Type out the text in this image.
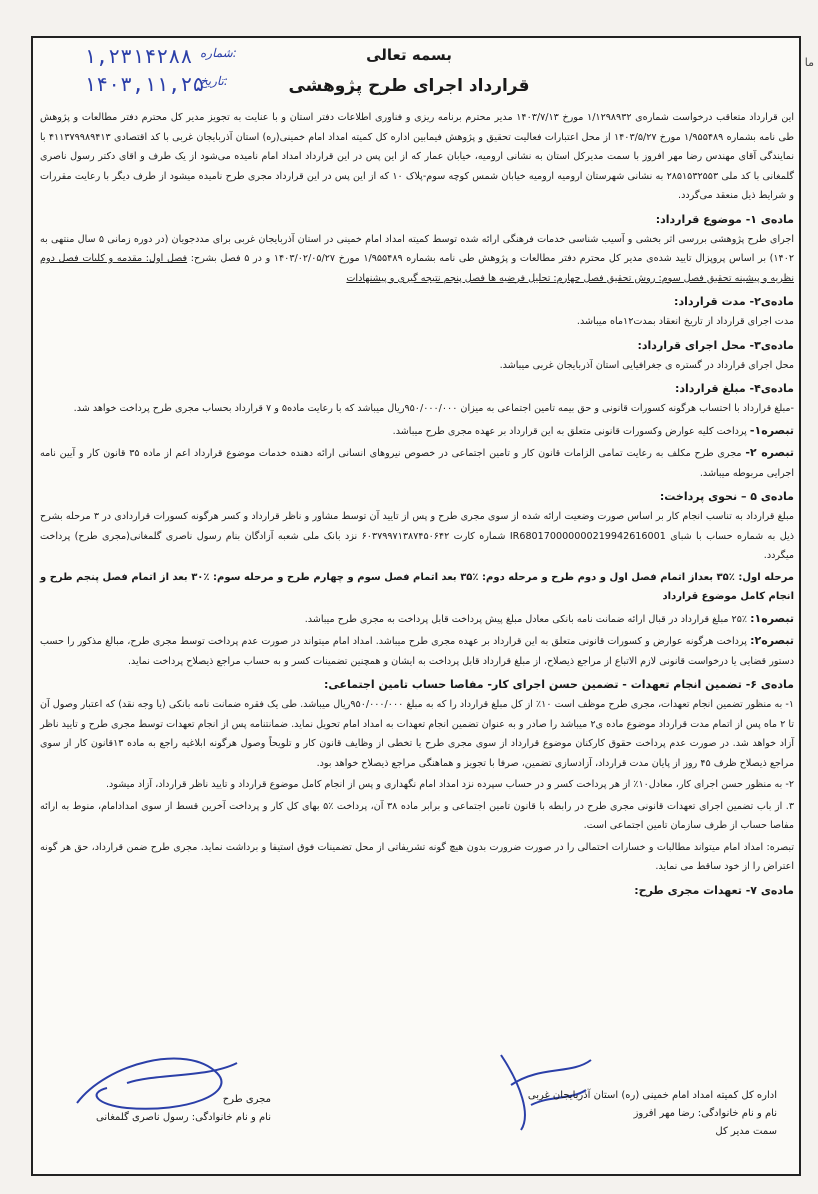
ما
۱,۲۳۱۴۲۸۸ شماره:
۱۴۰۳,۱۱,۲۵
تاریخ:
بسمه تعالی
قرارداد اجرای طرح پژوهشی

این قرارداد متعاقب درخواست شماره‌ی ۱/۱۲۹۸۹۳۲ مورخ ۱۴۰۳/۷/۱۳ مدیر محترم برنامه ریزی و فناوری اطلاعات دفتر استان و با عنایت به تجویز مدیر کل محترم دفتر مطالعات و پژوهش طی نامه بشماره ۱/۹۵۵۴۸۹ مورخ ۱۴۰۳/۵/۲۷ از محل اعتبارات فعالیت تحقیق و پژوهش فیمابین اداره کل کمیته امداد امام خمینی(ره) استان آذربایجان غربی با کد اقتصادی ۴۱۱۳۷۹۹۸۹۴۱۳ با نمایندگی آقای مهندس رضا مهر افروز با سمت مدیرکل استان به نشانی ارومیه، خیابان عمار که از این پس در این قرارداد امداد امام نامیده می‌شود از یک طرف و اقای دکتر رسول ناصری گلمغانی با کد ملی ۲۸۵۱۵۳۲۵۵۳ به نشانی شهرستان ارومیه ارومیه خیابان شمس کوچه سوم-پلاک ۱۰ که از این پس در این قرارداد مجری طرح نامیده میشود از طرف دیگر با رعایت مقررات و شرایط ذیل منعقد می‌گردد.

ماده‌ی ۱- موضوع قرارداد:

اجرای طرح پژوهشی بررسی اثر بخشی و آسیب شناسی خدمات فرهنگی ارائه شده توسط کمیته امداد امام خمینی در استان آذربایجان غربی برای مددجویان (در دوره زمانی ۵ سال منتهی به ۱۴۰۲) بر اساس پروپزال تایید شده‌ی مدیر کل محترم دفتر مطالعات و پژوهش طی نامه بشماره ۱/۹۵۵۴۸۹ مورخ ۱۴۰۳/۰۲/۰۵/۲۷ و در ۵ فصل بشرح: فصل اول: مقدمه و کلیات فصل دوم نظریه و پیشینه تحقیق فصل سوم: روش تحقیق فصل چهارم: تحلیل فرضیه ها فصل پنجم نتیجه گیری و پیشنهادات

ماده‌ی۲- مدت قرارداد:

مدت اجرای قرارداد از تاریخ انعقاد بمدت۱۲ماه میباشد.

ماده‌ی۳- محل اجرای قرارداد:

محل اجرای قرارداد در گستره ی جغرافیایی استان آذربایجان غربی میباشد.

ماده‌ی۴- مبلغ قرارداد:

-مبلغ قرارداد با احتساب هرگونه کسورات قانونی و حق بیمه تامین اجتماعی به میزان ۹۵۰/۰۰۰/۰۰۰ریال میباشد که با رعایت ماده۵ و ۷ قرارداد بحساب مجری طرح پرداخت خواهد شد.

تبصره۱- پرداخت کلیه عوارض وکسورات قانونی متعلق به این قرارداد بر عهده مجری طرح میباشد.

تبصره ۲- مجری طرح مکلف به رعایت تمامی الزامات قانون کار و تامین اجتماعی در خصوص نیروهای انسانی ارائه دهنده خدمات موضوع قرارداد اعم از ماده ۳۵ قانون کار و آیین نامه اجرایی مربوطه میباشد.

ماده‌ی ۵ – نحوی پرداخت:

مبلغ قرارداد به تناسب انجام کار بر اساس صورت وضعیت ارائه شده از سوی مجری طرح و پس از تایید آن توسط مشاور و ناظر قرارداد و کسر هرگونه کسورات قراردادی در ۳ مرحله بشرح ذیل به شماره حساب با شبای IR680170000000219942616001 شماره کارت ۶۰۳۷۹۹۷۱۳۸۷۴۵۰۶۴۲ نزد بانک ملی شعبه آزادگان بنام رسول ناصری گلمغانی(مجری طرح) پرداخت میگردد.

مرحله اول: ٪۳۵ بعداز اتمام فصل اول و دوم طرح و مرحله دوم: ٪۳۵ بعد اتمام فصل سوم و چهارم طرح و مرحله سوم: ٪۳۰ بعد از اتمام فصل پنجم طرح و انجام کامل موضوع قرارداد

تبصره۱: ٪۲۵ مبلغ قرارداد در قبال ارائه ضمانت نامه بانکی معادل مبلغ پیش پرداخت قابل پرداخت به مجری طرح میباشد.

تبصره۲: پرداخت هرگونه عوارض و کسورات قانونی متعلق به این قرارداد بر عهده مجری طرح میباشد. امداد امام میتواند در صورت عدم پرداخت توسط مجری طرح، مبالغ مذکور را حسب دستور قضایی یا درخواست قانونی لازم الاتباع از مراجع ذیصلاح، از مبلغ قرارداد قابل پرداخت به ایشان و همچنین تضمینات کسر و به حساب مراجع ذیصلاح پرداخت نماید.

ماده‌ی ۶- تضمین انجام تعهدات - تضمین حسن اجرای کار- مفاصا حساب تامین اجتماعی:

۱- به منظور تضمین انجام تعهدات، مجری طرح موظف است ۱۰٪ از کل مبلغ قرارداد را که به مبلغ ۹۵۰/۰۰۰/۰۰۰ریال میباشد. طی یک فقره ضمانت نامه بانکی (یا وجه نقد) که اعتبار وصول آن تا ۲ ماه پس از اتمام مدت قرارداد موضوع ماده ی۲ میباشد را صادر و به عنوان تضمین انجام تعهدات به امداد امام تحویل نماید. ضمانتنامه پس از انجام تعهدات توسط مجری طرح و تایید ناظر آزاد خواهد شد. در صورت عدم پرداخت حقوق کارکنان موضوع قرارداد از سوی مجری طرح یا تخطی از وظایف قانون کار و تلویحاً وصول هرگونه ابلاغیه راجع به ماده ۱۳قانون کار از سوی مراجع ذیصلاح ظرف ۴۵ روز از پایان مدت قرارداد، آزادسازی تضمین، صرفا با تجویز و هماهنگی مراجع ذیصلاح خواهد بود.

۲- به منظور حسن اجرای کار، معادل۱۰٪ از هر پرداخت کسر و در حساب سپرده نزد امداد امام نگهداری و پس از انجام کامل موضوع قرارداد و تایید ناظر قرارداد، آزاد میشود.

۳. از باب تضمین اجرای تعهدات قانونی مجری طرح در رابطه با قانون تامین اجتماعی و برابر ماده ۳۸ آن، پرداخت ٪۵ بهای کل کار و پرداخت آخرین قسط از سوی امدادامام، منوط به ارائه مفاصا حساب از طرف سازمان تامین اجتماعی است.

تبصره: امداد امام میتواند مطالبات و خسارات احتمالی را در صورت ضرورت بدون هیچ گونه تشریفاتی از محل تضمینات فوق استیفا و برداشت نماید. مجری طرح ضمن قرارداد، حق هر گونه اعتراض را از خود ساقط می نماید.

ماده‌ی ۷- تعهدات مجری طرح:
اداره کل کمیته امداد امام خمینی (ره) استان آذربایجان غربی
نام و نام خانوادگی: رضا مهر افروز
سمت مدیر کل
مجری طرح
نام و نام خانوادگی: رسول ناصری گلمغانی
